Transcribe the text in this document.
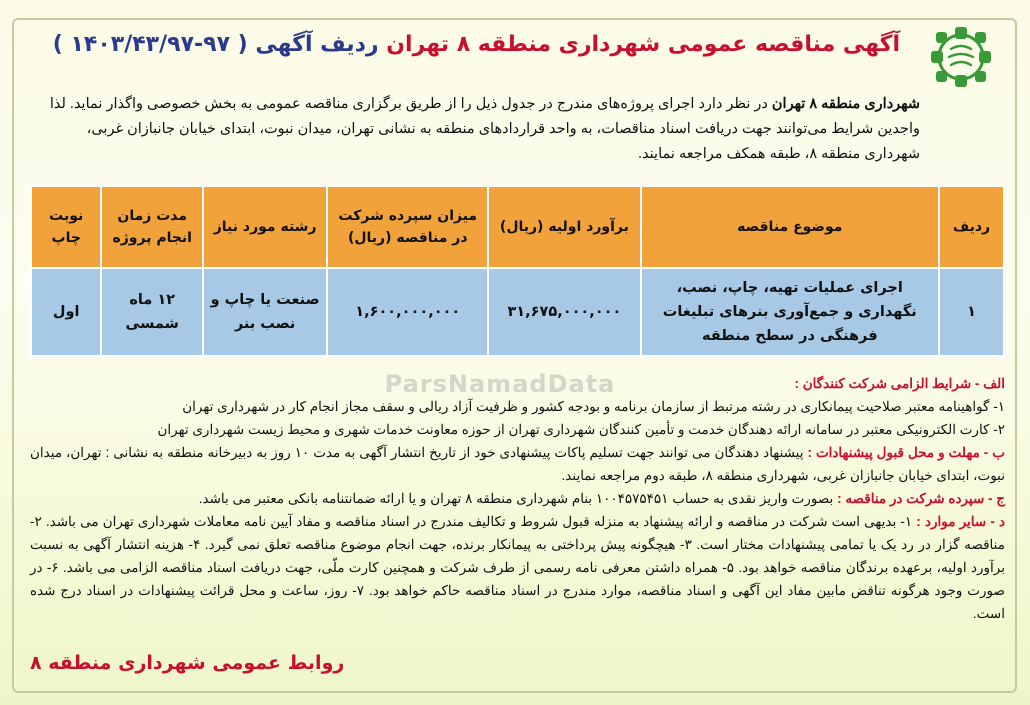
آگهی مناقصه عمومی شهرداری منطقه ۸ تهران ردیف آگهی ( ۹۷-۱۴۰۳/۴۳/۹۷ )
شهرداری منطقه ۸ تهران در نظر دارد اجرای پروژه‌های مندرج در جدول ذیل را از طریق برگزاری مناقصه عمومی به بخش خصوصی واگذار نماید. لذا واجدین شرایط می‌توانند جهت دریافت اسناد مناقصات، به واحد قراردادهای منطقه به نشانی تهران، میدان نبوت، ابتدای خیابان جانبازان غربی، شهرداری منطقه ۸، طبقه همکف مراجعه نمایند.
ردیف	موضوع مناقصه	برآورد اولیه (ریال)	میزان سپرده شرکت در مناقصه (ریال)	رشته مورد نیاز	مدت زمان انجام پروژه	نوبت چاپ
۱	اجرای عملیات تهیه، چاپ، نصب، نگهداری و جمع‌آوری بنرهای تبلیغات فرهنگی در سطح منطقه	۳۱,۶۷۵,۰۰۰,۰۰۰	۱,۶۰۰,۰۰۰,۰۰۰	صنعت یا چاپ و نصب بنر	۱۲ ماه شمسی	اول
ParsNamadData	الف - شرایط الزامی شرکت کنندگان :

۱- گواهینامه معتبر صلاحیت پیمانکاری در رشته مرتبط از سازمان برنامه و بودجه کشور و ظرفیت آزاد ریالی و سقف مجاز انجام کار در شهرداری تهران

۲- کارت الکترونیکی معتبر در سامانه ارائه دهندگان خدمت و تأمین کنندگان شهرداری تهران از حوزه معاونت خدمات شهری و محیط زیست شهرداری تهران

ب - مهلت و محل قبول پیشنهادات : پیشنهاد دهندگان می توانند جهت تسلیم پاکات پیشنهادی خود از تاریخ انتشار آگهی به مدت ۱۰ روز به دبیرخانه منطقه به نشانی : تهران، میدان نبوت، ابتدای خیابان جانبازان غربی، شهرداری منطقه ۸، طبقه دوم مراجعه نمایند.

ج - سپرده شرکت در مناقصه : بصورت واریز نقدی به حساب ۱۰۰۴۵۷۵۴۵۱ بنام شهرداری منطقه ۸ تهران و یا ارائه ضمانتنامه بانکی معتبر می باشد.

د - سایر موارد : ۱- بدیهی است شرکت در مناقصه و ارائه پیشنهاد به منزله قبول شروط و تکالیف مندرج در اسناد مناقصه و مفاد آیین نامه معاملات شهرداری تهران می باشد. ۲- مناقصه گزار در رد یک یا تمامی پیشنهادات مختار است. ۳- هیچگونه پیش پرداختی به پیمانکار برنده، جهت انجام موضوع مناقصه تعلق نمی گیرد. ۴- هزینه انتشار آگهی به نسبت برآورد اولیه، برعهده برندگان مناقصه خواهد بود. ۵- همراه داشتن معرفی نامه رسمی از طرف شرکت و همچنین کارت ملّی، جهت دریافت اسناد مناقصه الزامی می باشد. ۶- در صورت وجود هرگونه تناقض مابین مفاد این آگهی و اسناد مناقصه، موارد مندرج در اسناد مناقصه حاکم خواهد بود. ۷- روز، ساعت و محل قرائت پیشنهادات در اسناد درج شده است.

روابط عمومی شهرداری منطقه ۸
